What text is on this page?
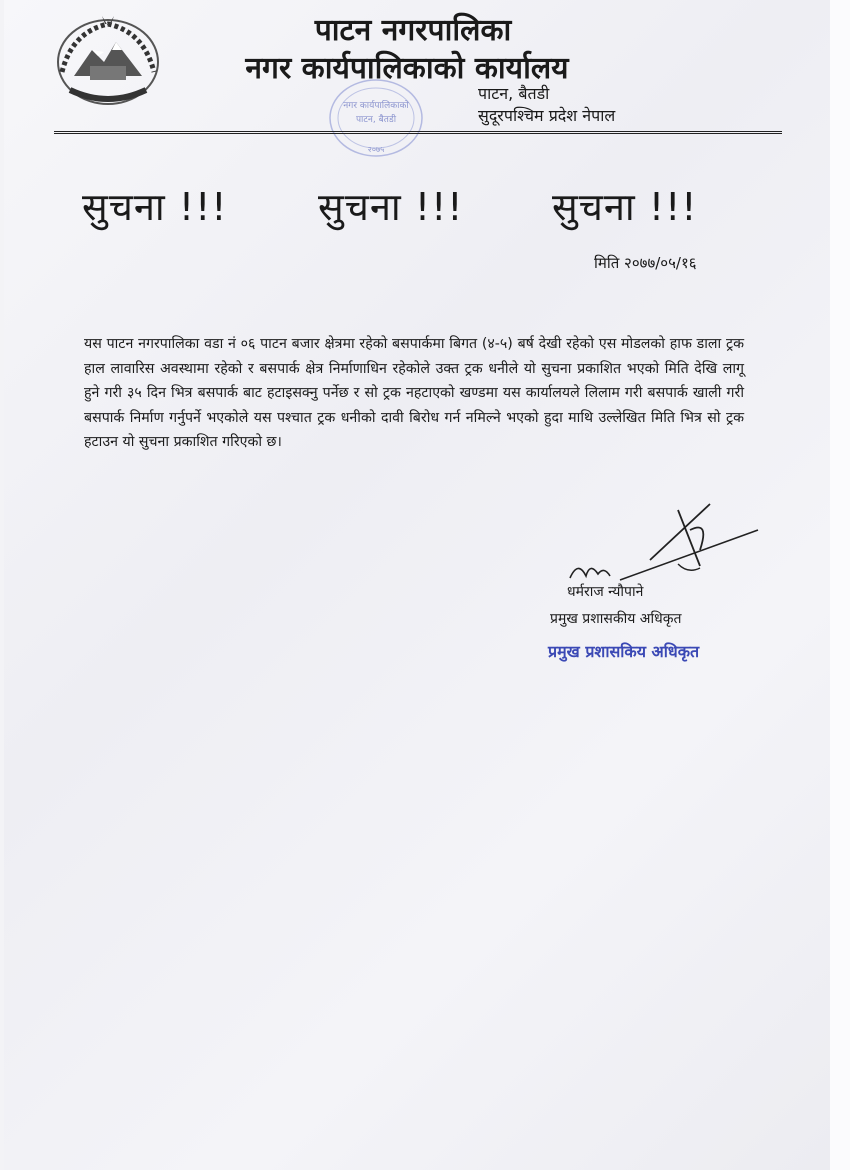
पाटन नगरपालिका
नगर कार्यपालिकाको कार्यालय
पाटन, बैतडी
सुदूरपश्चिम प्रदेश नेपाल
नगर कार्यपालिकाको
पाटन, बैतडी
२०७५
सुचना !!! सुचना !!! सुचना !!!
मिति २०७७/०५/१६

यस पाटन नगरपालिका वडा नं ०६ पाटन बजार क्षेत्रमा रहेको बसपार्कमा बिगत (४-५) बर्ष देखी रहेको एस मोडलको हाफ डाला ट्रक हाल लावारिस अवस्थामा रहेको र बसपार्क क्षेत्र निर्माणाधिन रहेकोले उक्त ट्रक धनीले यो सुचना प्रकाशित भएको मिति देखि लागू हुने गरी ३५ दिन भित्र बसपार्क बाट हटाइसक्नु पर्नेछ र सो ट्रक नहटाएको खण्डमा यस कार्यालयले लिलाम गरी बसपार्क खाली गरी बसपार्क निर्माण गर्नुपर्ने भएकोले यस पश्चात ट्रक धनीको दावी बिरोध गर्न नमिल्ने भएको हुदा माथि उल्लेखित मिति भित्र सो ट्रक हटाउन यो सुचना प्रकाशित गरिएको छ।

धर्मराज न्यौपाने
प्रमुख प्रशासकीय अधिकृत
प्रमुख प्रशासकिय अधिकृत
